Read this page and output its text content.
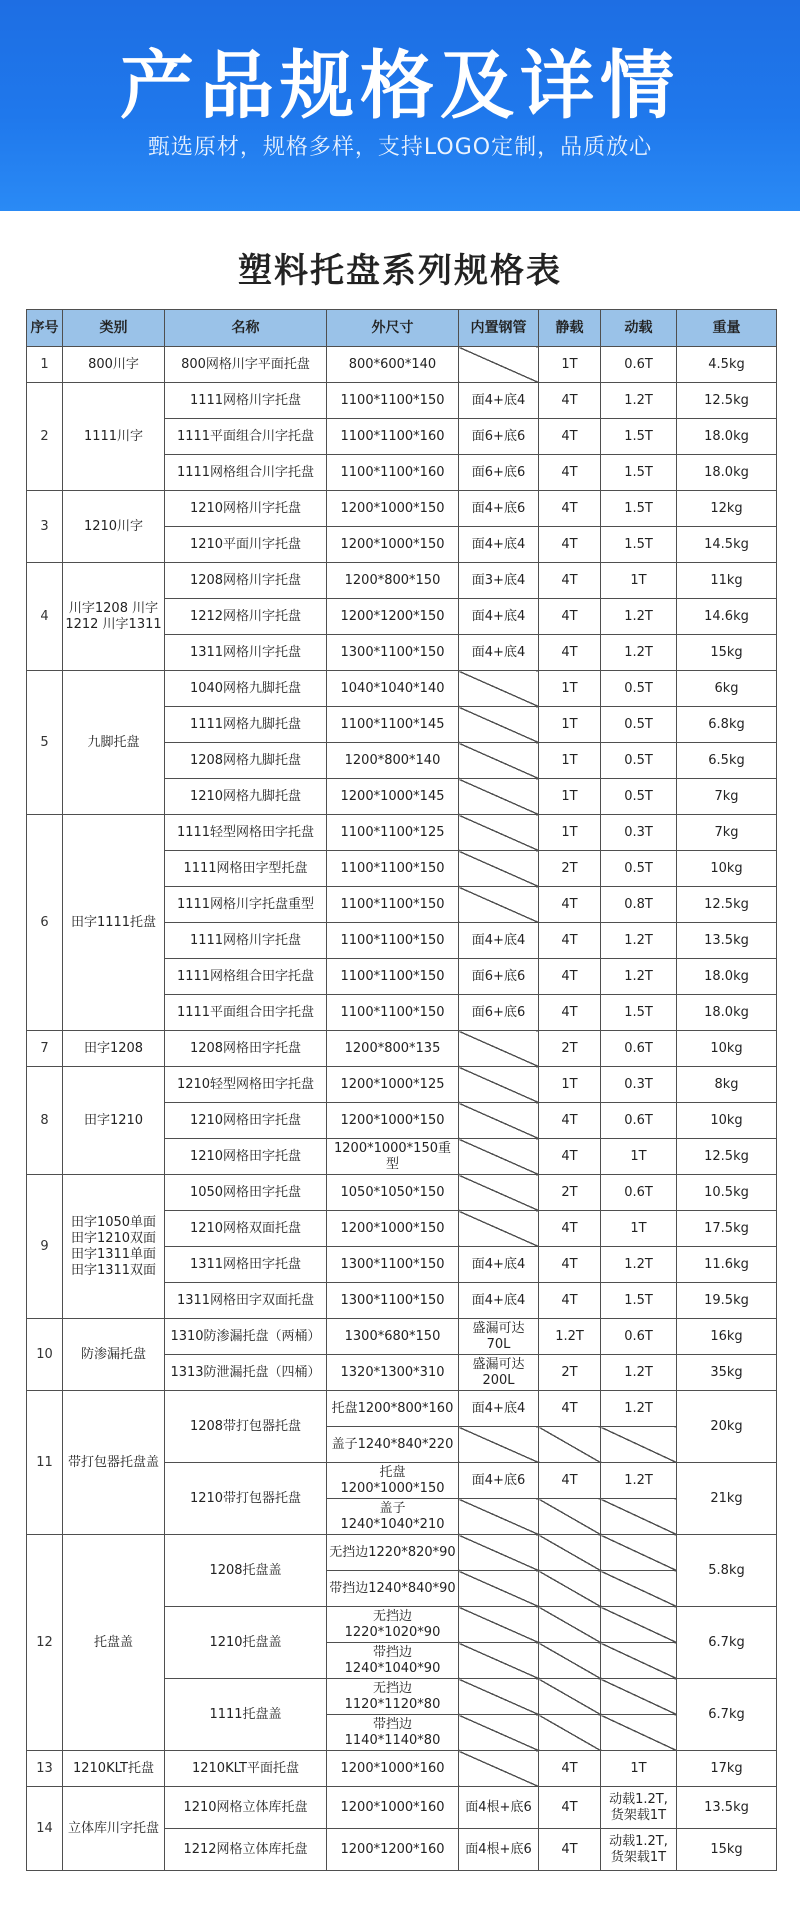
产品规格及详情
甄选原材，规格多样，支持LOGO定制，品质放心
塑料托盘系列规格表
序号	类别	名称	外尺寸	内置钢管	静载	动载	重量
1	800川字	800网格川字平面托盘	800*600*140		1T	0.6T	4.5kg
2	1111川字	1111网格川字托盘	1100*1100*150	面4+底4	4T	1.2T	12.5kg
		1111平面组合川字托盘	1100*1100*160	面6+底6	4T	1.5T	18.0kg
		1111网格组合川字托盘	1100*1100*160	面6+底6	4T	1.5T	18.0kg
3	1210川字	1210网格川字托盘	1200*1000*150	面4+底6	4T	1.5T	12kg
		1210平面川字托盘	1200*1000*150	面4+底4	4T	1.5T	14.5kg
4	川字1208 川字1212 川字1311	1208网格川字托盘	1200*800*150	面3+底4	4T	1T	11kg
		1212网格川字托盘	1200*1200*150	面4+底4	4T	1.2T	14.6kg
		1311网格川字托盘	1300*1100*150	面4+底4	4T	1.2T	15kg
5	九脚托盘	1040网格九脚托盘	1040*1040*140		1T	0.5T	6kg
		1111网格九脚托盘	1100*1100*145		1T	0.5T	6.8kg
		1208网格九脚托盘	1200*800*140		1T	0.5T	6.5kg
		1210网格九脚托盘	1200*1000*145		1T	0.5T	7kg
6	田字1111托盘	1111轻型网格田字托盘	1100*1100*125		1T	0.3T	7kg
		1111网格田字型托盘	1100*1100*150		2T	0.5T	10kg
		1111网格川字托盘重型	1100*1100*150		4T	0.8T	12.5kg
		1111网格川字托盘	1100*1100*150	面4+底4	4T	1.2T	13.5kg
		1111网格组合田字托盘	1100*1100*150	面6+底6	4T	1.2T	18.0kg
		1111平面组合田字托盘	1100*1100*150	面6+底6	4T	1.5T	18.0kg
7	田字1208	1208网格田字托盘	1200*800*135		2T	0.6T	10kg
8	田字1210	1210轻型网格田字托盘	1200*1000*125		1T	0.3T	8kg
		1210网格田字托盘	1200*1000*150		4T	0.6T	10kg
		1210网格田字托盘	1200*1000*150重型		4T	1T	12.5kg
9	田字1050单面 田字1210双面 田字1311单面 田字1311双面	1050网格田字托盘	1050*1050*150		2T	0.6T	10.5kg
		1210网格双面托盘	1200*1000*150		4T	1T	17.5kg
		1311网格田字托盘	1300*1100*150	面4+底4	4T	1.2T	11.6kg
		1311网格田字双面托盘	1300*1100*150	面4+底4	4T	1.5T	19.5kg
10	防渗漏托盘	1310防渗漏托盘（两桶）	1300*680*150	盛漏可达70L	1.2T	0.6T	16kg
		1313防泄漏托盘（四桶）	1320*1300*310	盛漏可达200L	2T	1.2T	35kg
11	带打包器托盘盖	1208带打包器托盘	托盘1200*800*160	面4+底4	4T	1.2T	20kg
			盖子1240*840*220				
		1210带打包器托盘	托盘1200*1000*150	面4+底6	4T	1.2T	21kg
			盖子1240*1040*210				
12	托盘盖	1208托盘盖	无挡边1220*820*90				5.8kg
			带挡边1240*840*90				
		1210托盘盖	无挡边1220*1020*90				6.7kg
			带挡边1240*1040*90				
		1111托盘盖	无挡边1120*1120*80				6.7kg
			带挡边1140*1140*80				
13	1210KLT托盘	1210KLT平面托盘	1200*1000*160		4T	1T	17kg
14	立体库川字托盘	1210网格立体库托盘	1200*1000*160	面4根+底6	4T	动载1.2T,货架载1T	13.5kg
		1212网格立体库托盘	1200*1200*160	面4根+底6	4T	动载1.2T,货架载1T	15kg
